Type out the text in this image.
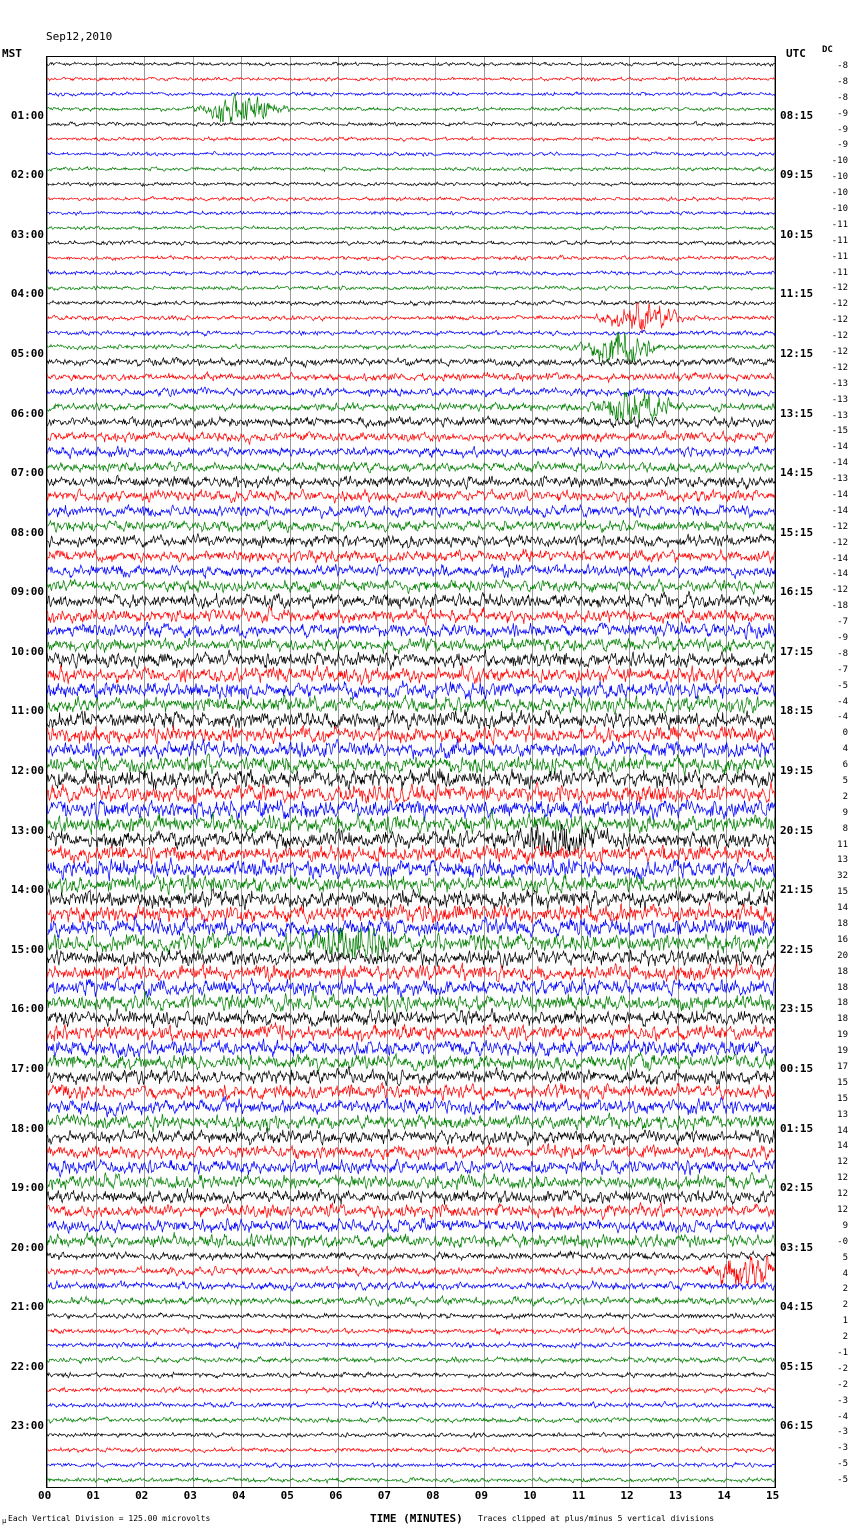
Sep12,2010

MST	UTC DC
01:00
02:00
03:00
04:00
05:00
06:00
07:00
08:00
09:00
10:00
11:00
12:00
13:00
14:00
15:00
16:00
17:00
18:00
19:00
20:00
21:00
22:00
23:00
08:15
09:15
10:15
11:15
12:15
13:15
14:15
15:15
16:15
17:15
18:15
19:15
20:15
21:15
22:15
23:15
00:15
01:15
02:15
03:15
04:15
05:15
06:15
-8
-8
-8
-9
-9
-9
-10
-10
-10
-10
-11
-11
-11
-11
-12
-12
-12
-12
-12
-12
-13
-13
-13
-15
-14
-14
-13
-14
-14
-12
-12
-14
-14
-12
-18
-7
-9
-8
-7
-5
-4
-4
0
4
6
5
2
9
8
11
13
32
15
14
18
16
20
18
18
18
18
19
19
17
15
15
13
14
14
12
12
12
12
9
-0
5
4
2
2
1
2
-1
-2
-2
-3
-4
-3
-3
-5
-5
00	01	02	03	04	05	06	07	08	09	10	11	12	13	14	15
μ Each Vertical Division = 125.00 microvolts	TIME (MINUTES) Traces clipped at plus/minus 5 vertical divisions
